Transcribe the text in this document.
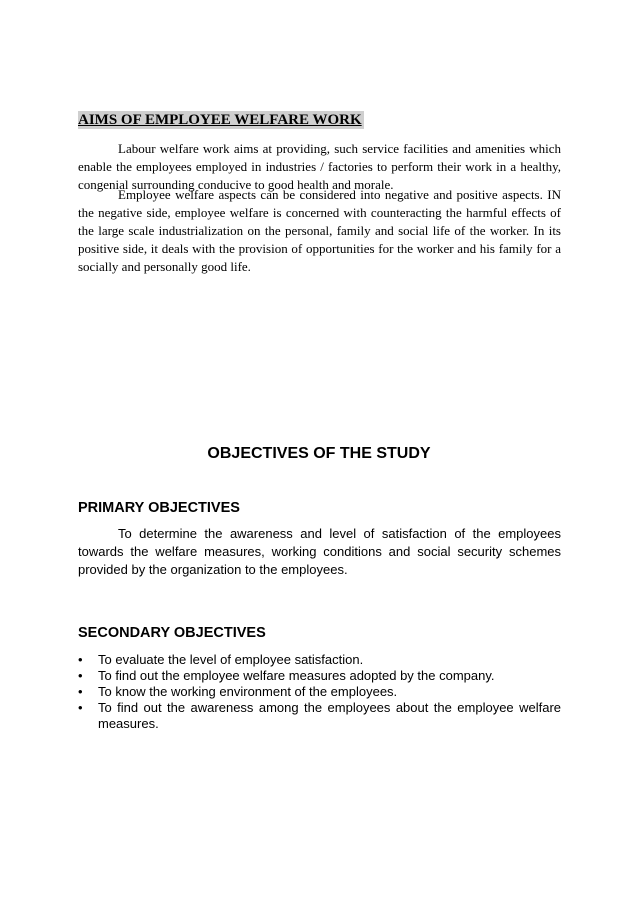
AIMS OF EMPLOYEE WELFARE WORK

Labour welfare work aims at providing, such service facilities and amenities which enable the employees employed in industries / factories to perform their work in a healthy, congenial surrounding conducive to good health and morale.

Employee welfare aspects can be considered into negative and positive aspects. IN the negative side, employee welfare is concerned with counteracting the harmful effects of the large scale industrialization on the personal, family and social life of the worker. In its positive side, it deals with the provision of opportunities for the worker and his family for a socially and personally good life.

OBJECTIVES OF THE STUDY
PRIMARY OBJECTIVES

To determine the awareness and level of satisfaction of the employees towards the welfare measures, working conditions and social security schemes provided by the organization to the employees.

SECONDARY OBJECTIVES
•	To evaluate the level of employee satisfaction.
•	To find out the employee welfare measures adopted by the company.
•	To know the working environment of the employees.
•	To find out the awareness among the employees about the employee welfare measures.
